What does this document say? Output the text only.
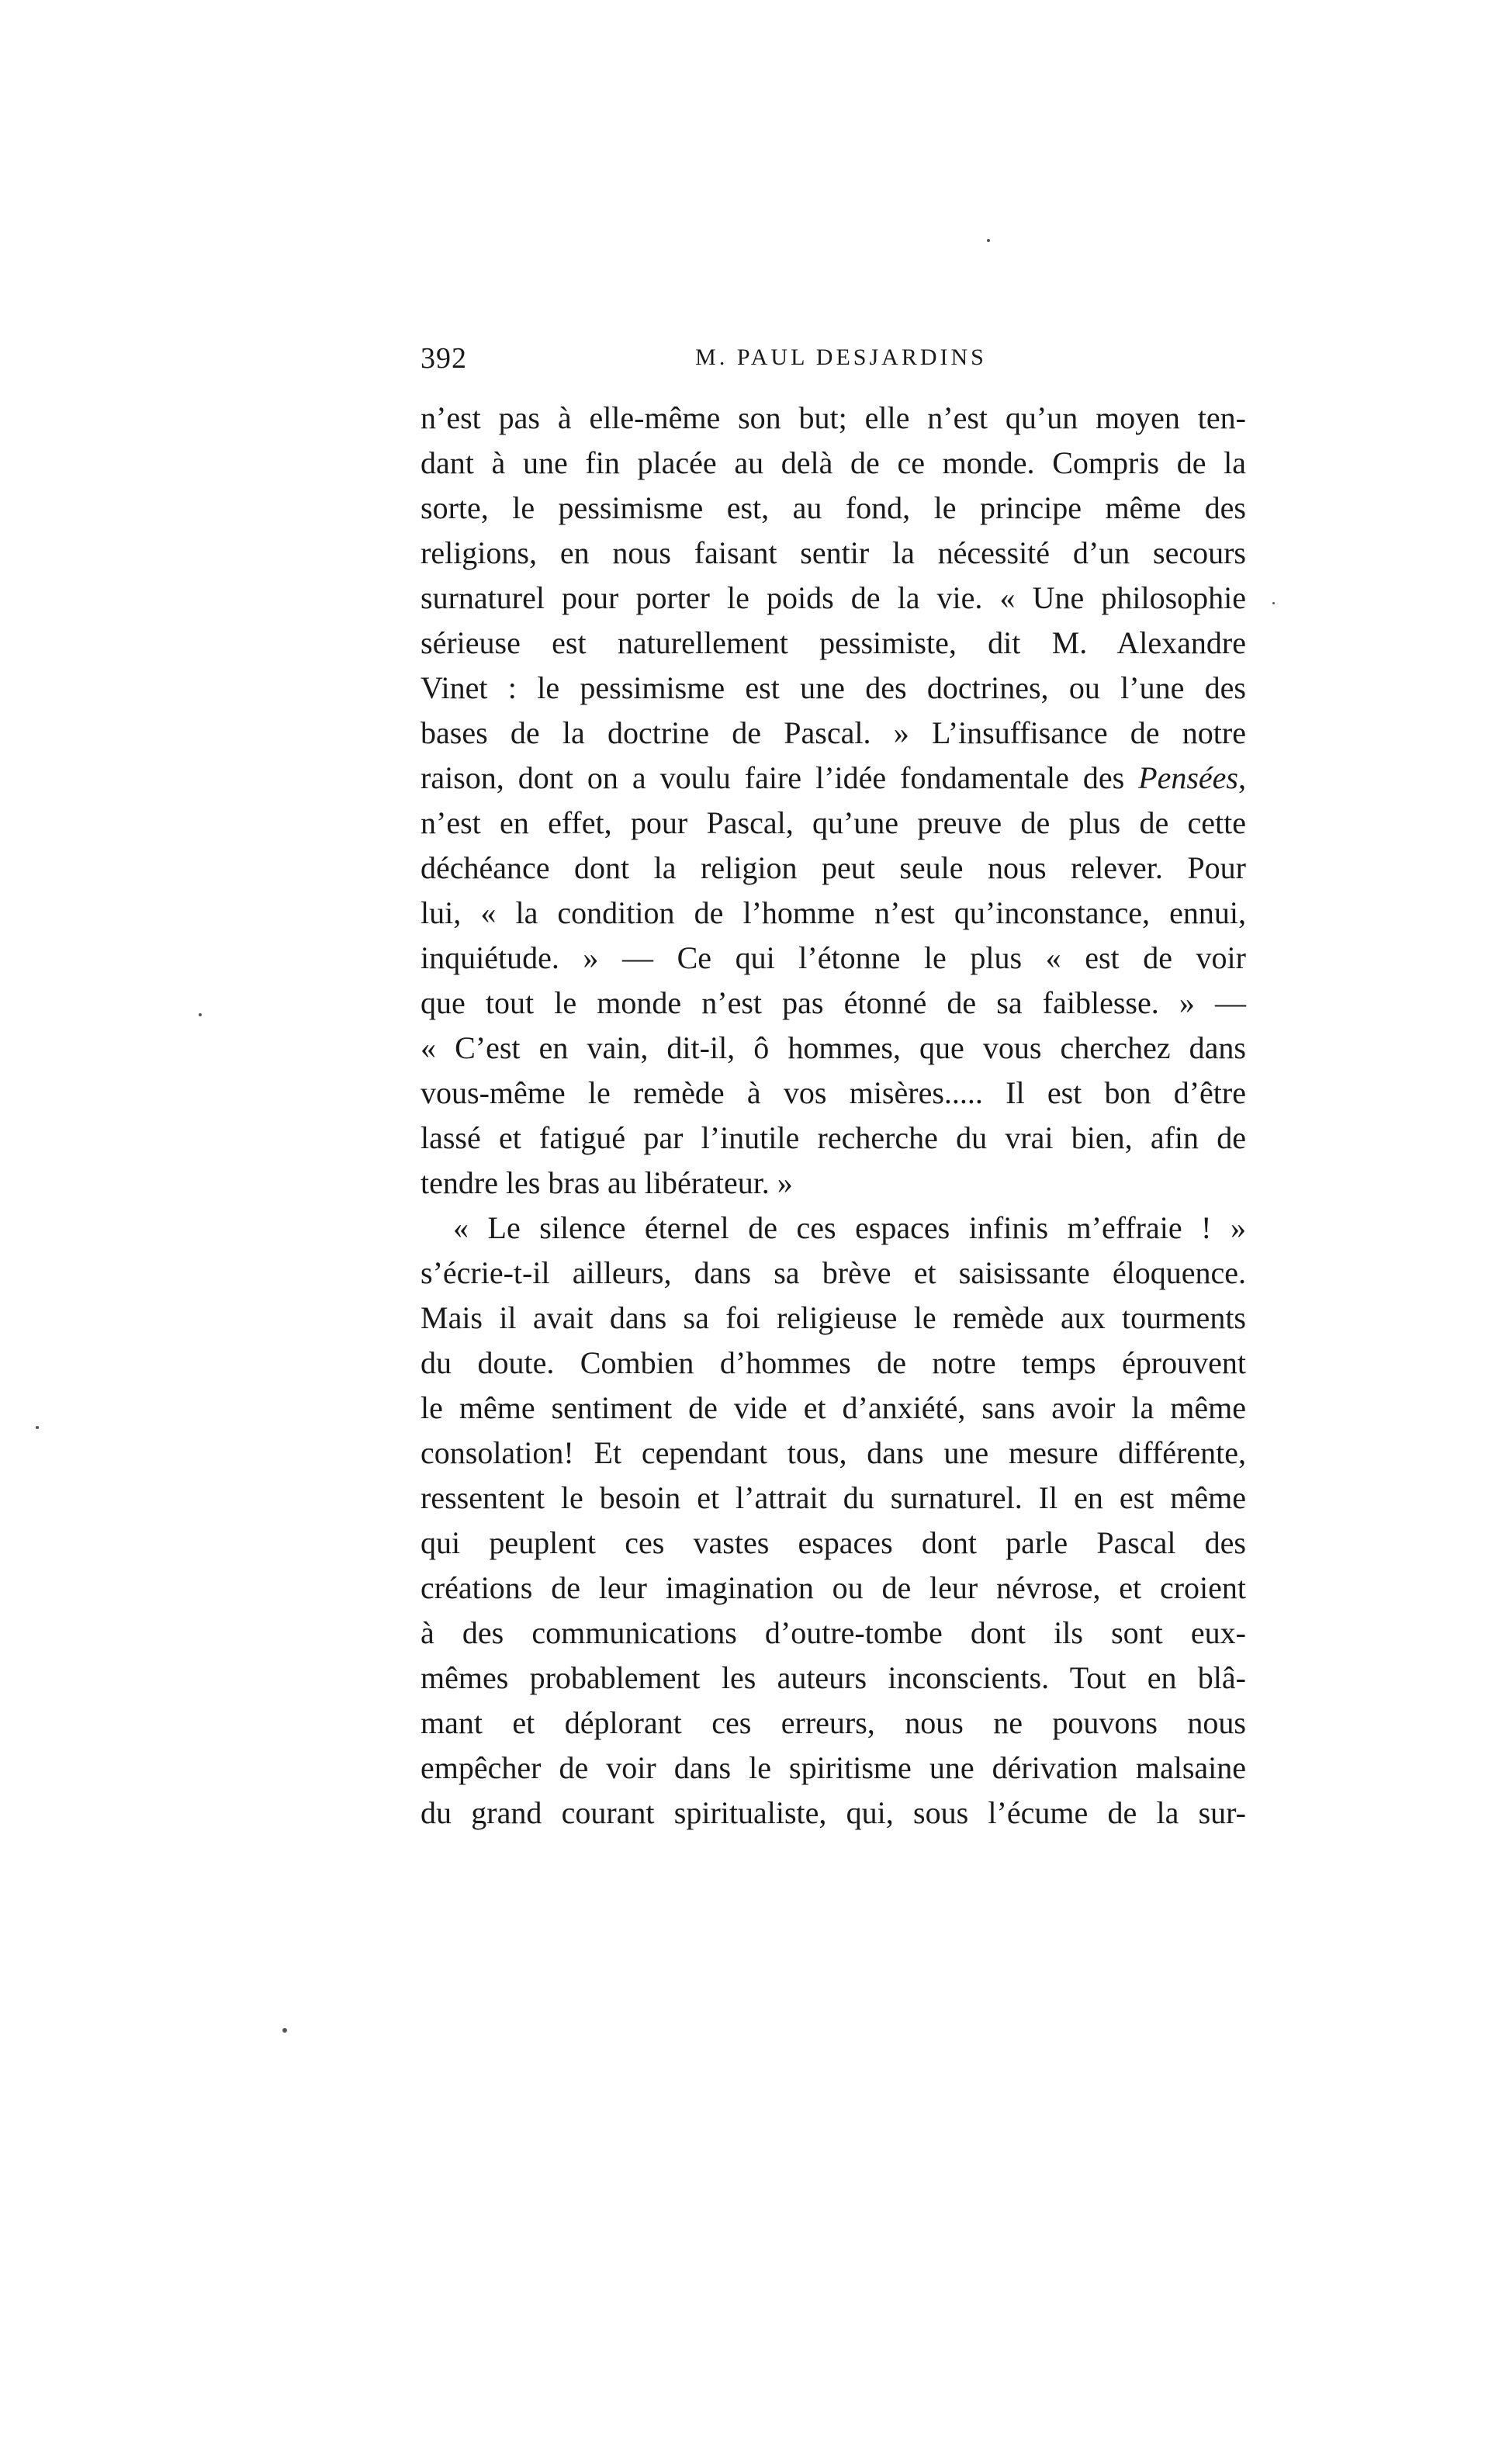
392	M. PAUL DESJARDINS
n’est pas à elle-même son but; elle n’est qu’un moyen ten-
dant à une fin placée au delà de ce monde. Compris de la
sorte, le pessimisme est, au fond, le principe même des
religions, en nous faisant sentir la nécessité d’un secours
surnaturel pour porter le poids de la vie. « Une philosophie
sérieuse est naturellement pessimiste, dit M. Alexandre
Vinet : le pessimisme est une des doctrines, ou l’une des
bases de la doctrine de Pascal. » L’insuffisance de notre
raison, dont on a voulu faire l’idée fondamentale des Pensées,
n’est en effet, pour Pascal, qu’une preuve de plus de cette
déchéance dont la religion peut seule nous relever. Pour
lui, « la condition de l’homme n’est qu’inconstance, ennui,
inquiétude. » — Ce qui l’étonne le plus « est de voir
que tout le monde n’est pas étonné de sa faiblesse. » —
« C’est en vain, dit-il, ô hommes, que vous cherchez dans
vous-même le remède à vos misères..... Il est bon d’être
lassé et fatigué par l’inutile recherche du vrai bien, afin de
tendre les bras au libérateur. »
« Le silence éternel de ces espaces infinis m’effraie ! »
s’écrie-t-il ailleurs, dans sa brève et saisissante éloquence.
Mais il avait dans sa foi religieuse le remède aux tourments
du doute. Combien d’hommes de notre temps éprouvent
le même sentiment de vide et d’anxiété, sans avoir la même
consolation! Et cependant tous, dans une mesure différente,
ressentent le besoin et l’attrait du surnaturel. Il en est même
qui peuplent ces vastes espaces dont parle Pascal des
créations de leur imagination ou de leur névrose, et croient
à des communications d’outre-tombe dont ils sont eux-
mêmes probablement les auteurs inconscients. Tout en blâ-
mant et déplorant ces erreurs, nous ne pouvons nous
empêcher de voir dans le spiritisme une dérivation malsaine
du grand courant spiritualiste, qui, sous l’écume de la sur-
